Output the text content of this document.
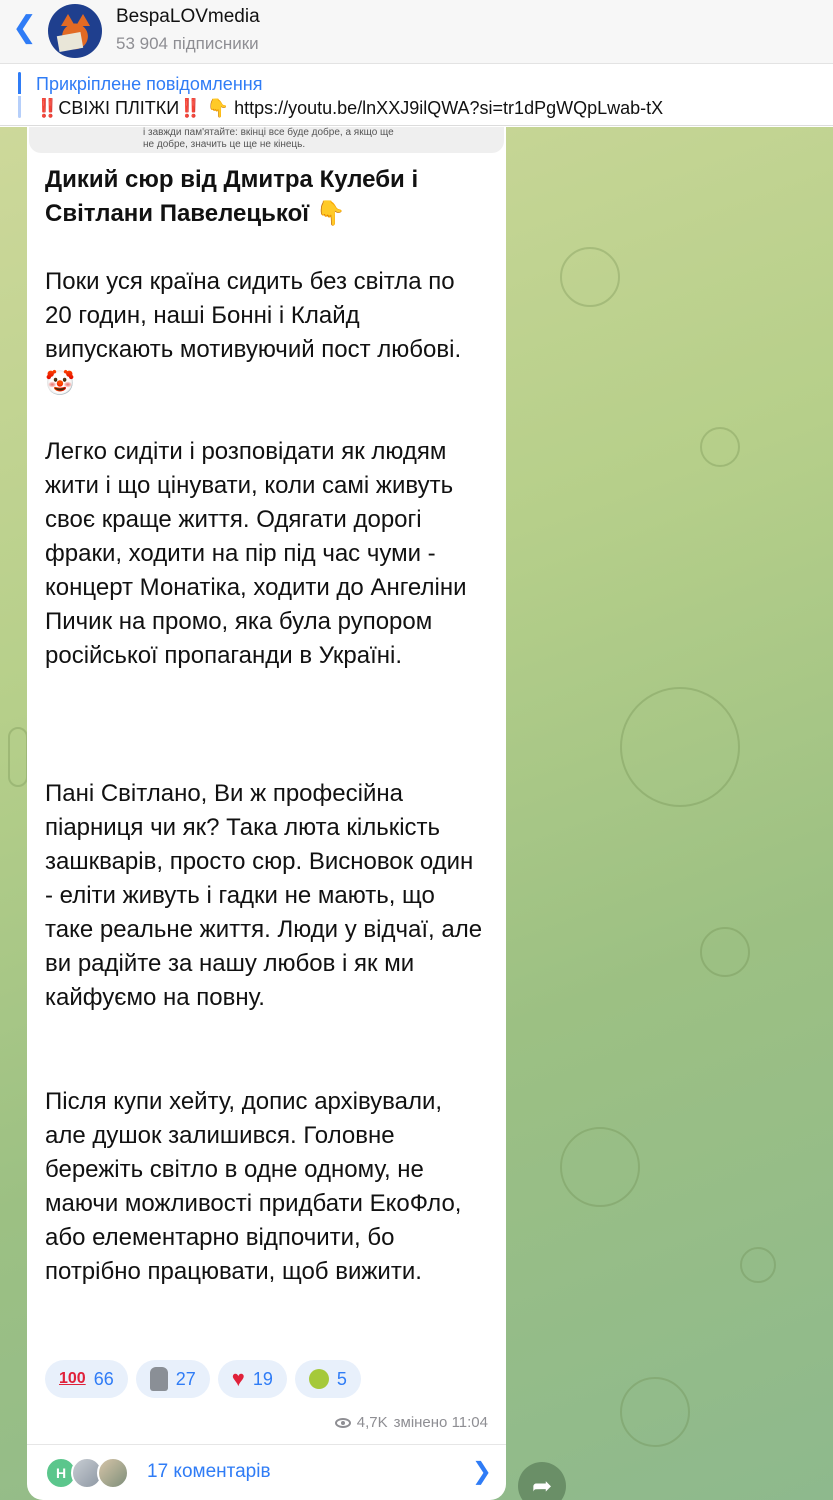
❮	BespaLOVmedia
53 904 підписники
Прикріплене повідомлення
‼️СВІЖІ ПЛІТКИ‼️ 👇 https://youtu.be/lnXXJ9ilQWA?si=tr1dPgWQpLwab-tX
і завжди пам'ятайте: вкінці все буде добре, а якщо ще не добре, значить це ще не кінець.
Дикий сюр від Дмитра Кулеби і Світлани Павелецької 👇
Поки уся країна сидить без світла по 20 годин, наші Бонні і Клайд випускають мотивуючий пост любові. 🤡
Легко сидіти і розповідати як людям жити і що цінувати, коли самі живуть своє краще життя. Одягати дорогі фраки, ходити на пір під час чуми - концерт Монатіка, ходити до Ангеліни Пичик на промо, яка була рупором російської пропаганди в Україні.
Пані Світлано, Ви ж професійна піарниця чи як? Така люта кількість зашкварів, просто сюр. Висновок один - еліти живуть і гадки не мають, що таке реальне життя. Люди у відчаї, але ви радійте за нашу любов і як ми кайфуємо на повну.
Після купи хейту, допис архівували, але душок залишився. Головне бережіть світло в одне одному, не маючи можливості придбати ЕкоФло, або елементарно відпочити, бо потрібно працювати, щоб вижити.
100 66	27 ♥ 19	5
4,7K змінено 11:04
Н	17 коментарів	❯
➦
